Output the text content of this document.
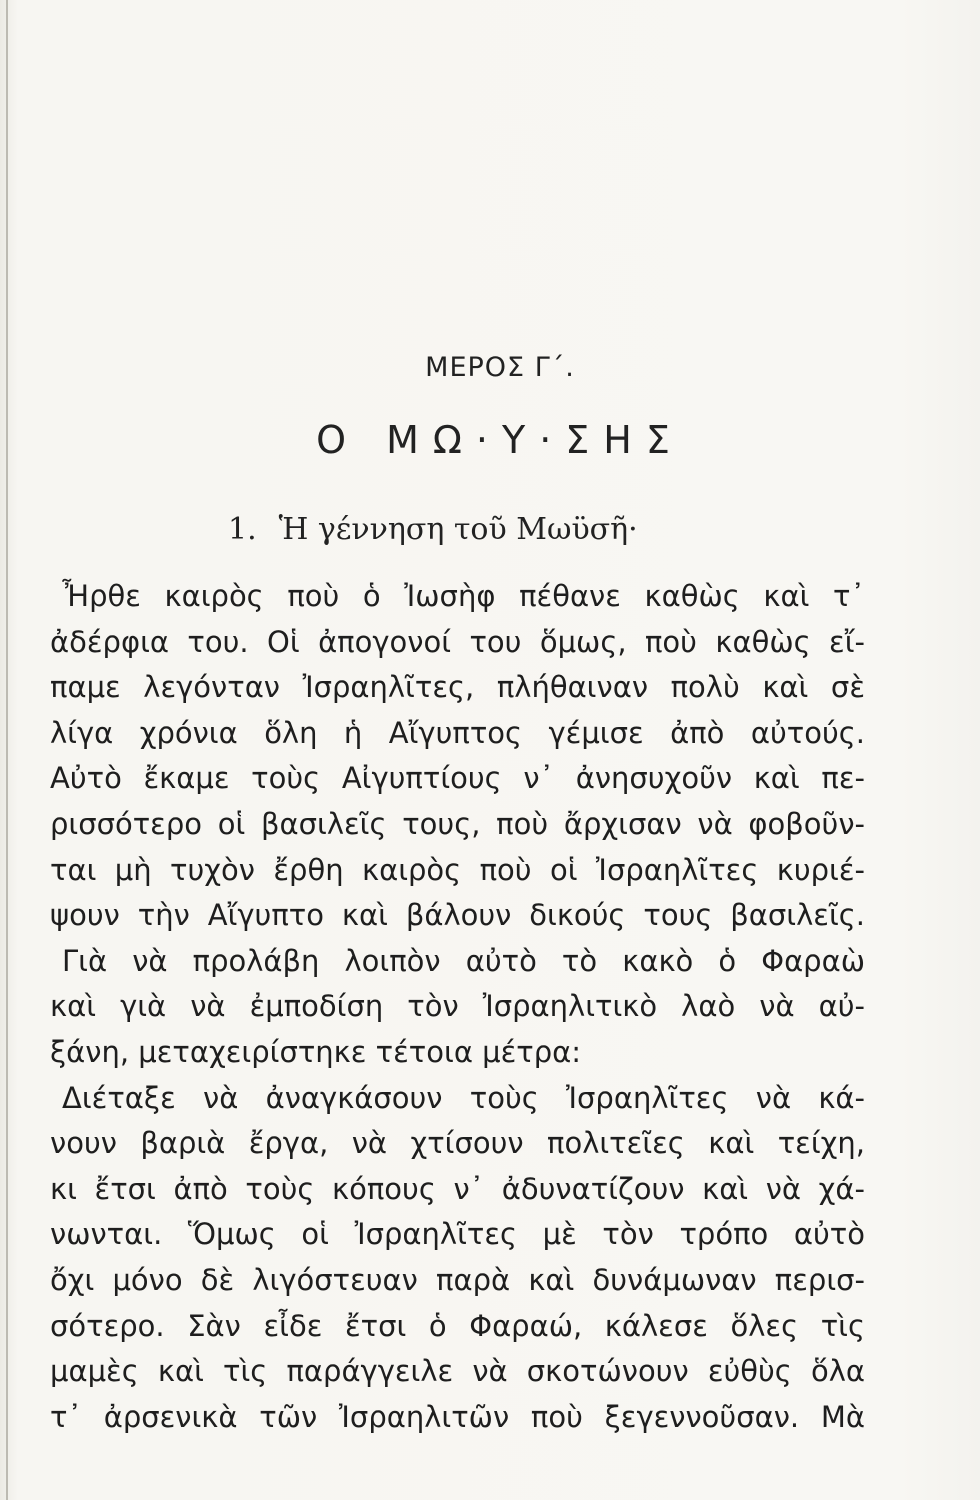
ΜΕΡΟΣ Γ΄.
Ο ΜΩ·Υ·ΣΗΣ
1. Ἡ γέννηση τοῦ Μωϋσῆ·
Ἦρθε καιρὸς ποὺ ὁ Ἰωσὴφ πέθανε καθὼς καὶ τ᾽
ἀδέρφια του. Οἱ ἀπογονοί του ὅμως, ποὺ καθὼς εἴ-
παμε λεγόνταν Ἰσραηλῖτες, πλήθαιναν πολὺ καὶ σὲ
λίγα χρόνια ὅλη ἡ Αἴγυπτος γέμισε ἀπὸ αὐτούς.
Αὐτὸ ἔκαμε τοὺς Αἰγυπτίους ν᾽ ἀνησυχοῦν καὶ πε-
ρισσότερο οἱ βασιλεῖς τους, ποὺ ἄρχισαν νὰ φοβοῦν-
ται μὴ τυχὸν ἔρθη καιρὸς ποὺ οἱ Ἰσραηλῖτες κυριέ-
ψουν τὴν Αἴγυπτο καὶ βάλουν δικούς τους βασιλεῖς.
Γιὰ νὰ προλάβη λοιπὸν αὐτὸ τὸ κακὸ ὁ Φαραὼ
καὶ γιὰ νὰ ἐμποδίση τὸν Ἰσραηλιτικὸ λαὸ νὰ αὐ-
ξάνη, μεταχειρίστηκε τέτοια μέτρα:
Διέταξε νὰ ἀναγκάσουν τοὺς Ἰσραηλῖτες νὰ κά-
νουν βαριὰ ἔργα, νὰ χτίσουν πολιτεῖες καὶ τείχη,
κι ἔτσι ἀπὸ τοὺς κόπους ν᾽ ἀδυνατίζουν καὶ νὰ χά-
νωνται. Ὅμως οἱ Ἰσραηλῖτες μὲ τὸν τρόπο αὐτὸ
ὄχι μόνο δὲ λιγόστευαν παρὰ καὶ δυνάμωναν περισ-
σότερο. Σὰν εἶδε ἔτσι ὁ Φαραώ, κάλεσε ὅλες τὶς
μαμὲς καὶ τὶς παράγγειλε νὰ σκοτώνουν εὐθὺς ὅλα
τ᾽ ἀρσενικὰ τῶν Ἰσραηλιτῶν ποὺ ξεγεννοῦσαν. Μὰ
